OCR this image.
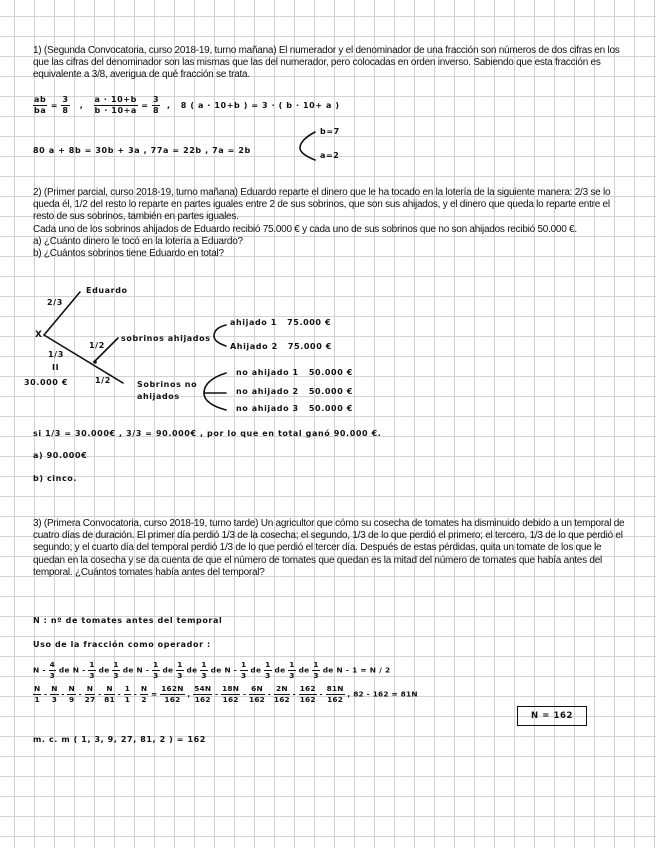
1) (Segunda Convocatoria, curso 2018-19, turno mañana) El numerador y el denominador de una fracción son números de dos cifras en los que las cifras del denominador son las mismas que las del numerador, pero colocadas en orden inverso. Sabiendo que esta fracción es equivalente a 3/8, averigua de qué fracción se trata.

$\frac{ab}{ba} = \frac{3}{8}$ , $\frac{a \cdot 10+b}{b \cdot 10+a} = \frac{3}{8}$ , 8 ( a · 10+b ) = 3 · ( b · 10+ a )
80 a + 8b = 30b + 3a , 77a = 22b , 7a = 2b
b=7
a=2

2) (Primer parcial, curso 2018-19, turno mañana) Eduardo reparte el dinero que le ha tocado en la lotería de la siguiente manera: 2/3 se lo queda él, 1/2 del resto lo reparte en partes iguales entre 2 de sus sobrinos, que son sus ahijados, y el dinero que queda lo reparte entre el resto de sus sobrinos, también en partes iguales.

Cada uno de los sobrinos ahijados de Eduardo recibió 75.000 € y cada uno de sus sobrinos que no son ahijados recibió 50.000 €.

a) ¿Cuánto dinero le tocó en la lotería a Eduardo?

b) ¿Cuántos sobrinos tiene Eduardo en total?

X
2/3
Eduardo
1/3
II
30.000 €
1/2
1/2
sobrinos ahijados
ahijado 1 75.000 €
Ahijado 2 75.000 €
Sobrinos no ahijados
no ahijado 1 50.000 €
no ahijado 2 50.000 €
no ahijado 3 50.000 €
si 1/3 = 30.000€ , 3/3 = 90.000€ , por lo que en total ganó 90.000 €.
a) 90.000€
b) cinco.

3) (Primera Convocatoria, curso 2018-19, turno tarde) Un agricultor que cómo su cosecha de tomates ha disminuido debido a un temporal de cuatro días de duración. El primer día perdió 1/3 de la cosecha; el segundo, 1/3 de lo que perdió el primero; el tercero, 1/3 de lo que perdió el segundo; y el cuarto día del temporal perdió 1/3 de lo que perdió el tercer día. Después de estas pérdidas, quita un tomate de los que le quedan en la cosecha y se da cuenta de que el número de tomates que quedan es la mitad del número de tomates que había antes del temporal. ¿Cuántos tomates había antes del temporal?

N : nº de tomates antes del temporal
Uso de la fracción como operador :
N - $\frac{4}{3}$ de N - $\frac{1}{3}$ de $\frac{1}{3}$ de N - $\frac{1}{3}$ de $\frac{1}{3}$ de $\frac{1}{3}$ de N - $\frac{1}{3}$ de $\frac{1}{3}$ de $\frac{1}{3}$ de $\frac{1}{3}$ de N - 1 = N / 2
$\frac{N}{1} - \frac{N}{3} - \frac{N}{9} - \frac{N}{27} - \frac{N}{81} - \frac{1}{1} - \frac{N}{2} = \frac{162N}{162}$ , $\frac{54N}{162} - \frac{18N}{162} - \frac{6N}{162} - \frac{2N}{162} - \frac{162}{162} - \frac{81N}{162}$ , 82 - 162 = 81N
N = 162
m. c. m ( 1, 3, 9, 27, 81, 2 ) = 162
